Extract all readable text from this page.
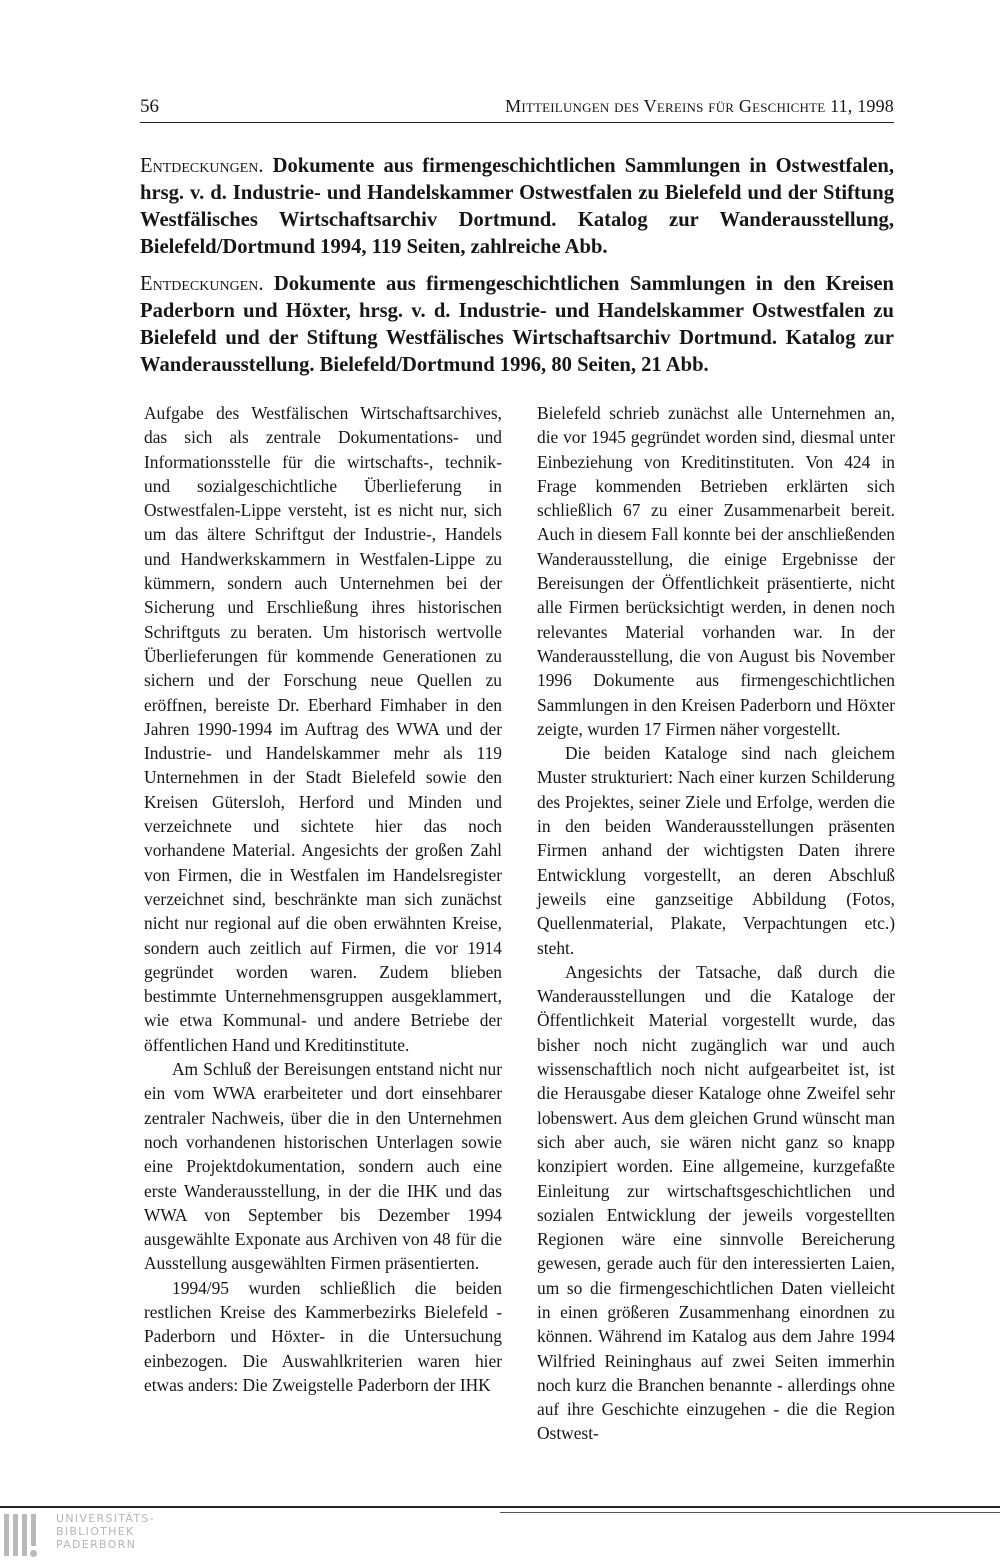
56	Mitteilungen des Vereins für Geschichte 11, 1998

Entdeckungen. Dokumente aus firmengeschichtlichen Sammlungen in Ostwestfalen, hrsg. v. d. Industrie- und Handelskammer Ostwestfalen zu Bielefeld und der Stiftung Westfälisches Wirtschaftsarchiv Dortmund. Katalog zur Wanderausstellung, Bielefeld/Dortmund 1994, 119 Seiten, zahlreiche Abb.

Entdeckungen. Dokumente aus firmengeschichtlichen Sammlungen in den Kreisen Paderborn und Höxter, hrsg. v. d. Industrie- und Handelskammer Ostwestfalen zu Bielefeld und der Stiftung Westfälisches Wirtschaftsarchiv Dortmund. Katalog zur Wanderausstellung. Bielefeld/Dortmund 1996, 80 Seiten, 21 Abb.

Aufgabe des Westfälischen Wirtschaftsarchives, das sich als zentrale Dokumentations- und Informationsstelle für die wirtschafts-, technik- und sozialgeschichtliche Überlieferung in Ostwestfalen-Lippe versteht, ist es nicht nur, sich um das ältere Schriftgut der Industrie-, Handels und Handwerkskammern in Westfalen-Lippe zu kümmern, sondern auch Unternehmen bei der Sicherung und Erschließung ihres historischen Schriftguts zu beraten. Um historisch wertvolle Überlieferungen für kommende Generationen zu sichern und der Forschung neue Quellen zu eröffnen, bereiste Dr. Eberhard Fimhaber in den Jahren 1990-1994 im Auftrag des WWA und der Industrie- und Handelskammer mehr als 119 Unternehmen in der Stadt Bielefeld sowie den Kreisen Gütersloh, Herford und Minden und verzeichnete und sichtete hier das noch vorhandene Material. Angesichts der großen Zahl von Firmen, die in Westfalen im Handelsregister verzeichnet sind, beschränkte man sich zunächst nicht nur regional auf die oben erwähnten Kreise, sondern auch zeitlich auf Firmen, die vor 1914 gegründet worden waren. Zudem blieben bestimmte Unternehmensgruppen ausgeklammert, wie etwa Kommunal- und andere Betriebe der öffentlichen Hand und Kreditinstitute.

Am Schluß der Bereisungen entstand nicht nur ein vom WWA erarbeiteter und dort einsehbarer zentraler Nachweis, über die in den Unternehmen noch vorhandenen historischen Unterlagen sowie eine Projektdokumentation, sondern auch eine erste Wanderausstellung, in der die IHK und das WWA von September bis Dezember 1994 ausgewählte Exponate aus Archiven von 48 für die Ausstellung ausgewählten Firmen präsentierten.

1994/95 wurden schließlich die beiden restlichen Kreise des Kammerbezirks Bielefeld - Paderborn und Höxter- in die Untersuchung einbezogen. Die Auswahlkriterien waren hier etwas anders: Die Zweigstelle Paderborn der IHK

Bielefeld schrieb zunächst alle Unternehmen an, die vor 1945 gegründet worden sind, diesmal unter Einbeziehung von Kreditinstituten. Von 424 in Frage kommenden Betrieben erklärten sich schließlich 67 zu einer Zusammenarbeit bereit. Auch in diesem Fall konnte bei der anschließenden Wanderausstellung, die einige Ergebnisse der Bereisungen der Öffentlichkeit präsentierte, nicht alle Firmen berücksichtigt werden, in denen noch relevantes Material vorhanden war. In der Wanderausstellung, die von August bis November 1996 Dokumente aus firmengeschichtlichen Sammlungen in den Kreisen Paderborn und Höxter zeigte, wurden 17 Firmen näher vorgestellt.

Die beiden Kataloge sind nach gleichem Muster strukturiert: Nach einer kurzen Schilderung des Projektes, seiner Ziele und Erfolge, werden die in den beiden Wanderausstellungen präsenten Firmen anhand der wichtigsten Daten ihrere Entwicklung vorgestellt, an deren Abschluß jeweils eine ganzseitige Abbildung (Fotos, Quellenmaterial, Plakate, Verpachtungen etc.) steht.

Angesichts der Tatsache, daß durch die Wanderausstellungen und die Kataloge der Öffentlichkeit Material vorgestellt wurde, das bisher noch nicht zugänglich war und auch wissenschaftlich noch nicht aufgearbeitet ist, ist die Herausgabe dieser Kataloge ohne Zweifel sehr lobenswert. Aus dem gleichen Grund wünscht man sich aber auch, sie wären nicht ganz so knapp konzipiert worden. Eine allgemeine, kurzgefaßte Einleitung zur wirtschaftsgeschichtlichen und sozialen Entwicklung der jeweils vorgestellten Regionen wäre eine sinnvolle Bereicherung gewesen, gerade auch für den interessierten Laien, um so die firmengeschichtlichen Daten vielleicht in einen größeren Zusammenhang einordnen zu können. Während im Katalog aus dem Jahre 1994 Wilfried Reininghaus auf zwei Seiten immerhin noch kurz die Branchen benannte - allerdings ohne auf ihre Geschichte einzugehen - die die Region Ostwest-

UNIVERSITÄTS-
BIBLIOTHEK
PADERBORN
